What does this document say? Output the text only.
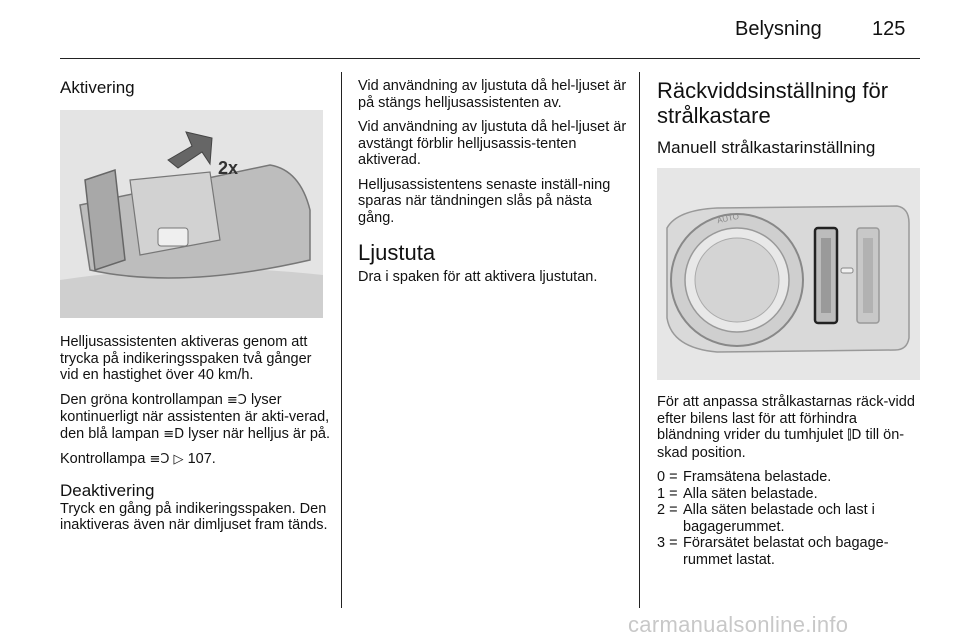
Belysning	125
Aktivering
2x

Helljusassistenten aktiveras genom att trycka på indikeringsspaken två gånger vid en hastighet över 40 km/h.

Den gröna kontrollampan ≡Ɔ lyser kontinuerligt när assistenten är akti-verad, den blå lampan ≡D lyser när helljus är på.

Kontrollampa ≡Ɔ ▷ 107.

Deaktivering

Tryck en gång på indikeringsspaken. Den inaktiveras även när dimljuset fram tänds.

Vid användning av ljustuta då hel-ljuset är på stängs helljusassistenten av.

Vid användning av ljustuta då hel-ljuset är avstängt förblir helljusassis-tenten aktiverad.

Helljusassistentens senaste inställ-ning sparas när tändningen slås på nästa gång.

Ljustuta

Dra i spaken för att aktivera ljustutan.

Räckviddsinställning för strålkastare
Manuell strålkastarinställning
AUTO

För att anpassa strålkastarnas räck-vidd efter bilens last för att förhindra bländning vrider du tumhjulet ⫿D till ön-skad position.

0 = Framsätena belastade.
1 = Alla säten belastade.
2 = Alla säten belastade och last i bagagerummet.
3 = Förarsätet belastat och bagage-rummet lastat.
carmanualsonline.info
